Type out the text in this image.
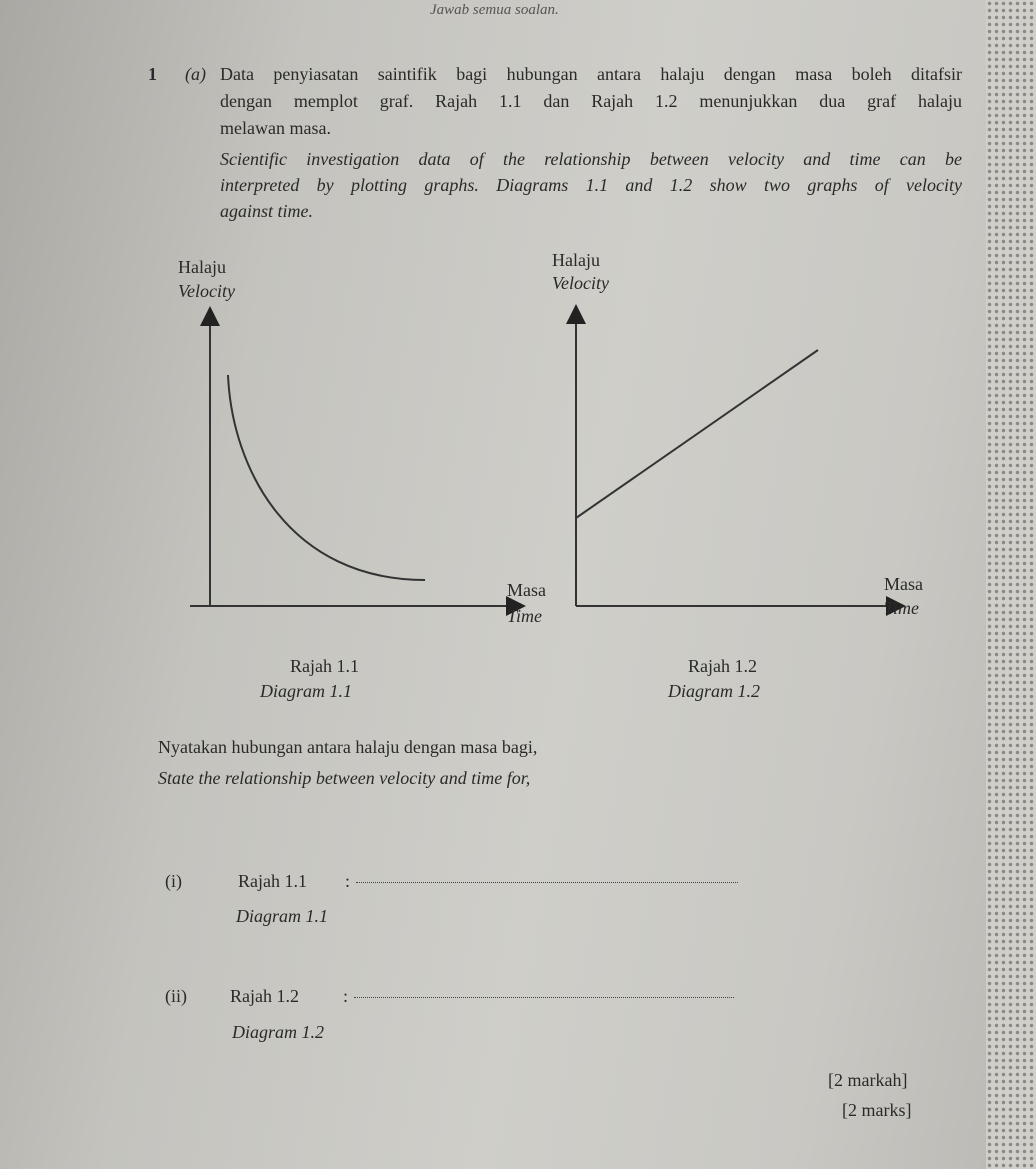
Jawab semua soalan.
1 (a) Data penyiasatan saintifik bagi hubungan antara halaju dengan masa boleh ditafsir
dengan memplot graf. Rajah 1.1 dan Rajah 1.2 menunjukkan dua graf halaju
melawan masa.
Scientific investigation data of the relationship between velocity and time can be
interpreted by plotting graphs. Diagrams 1.1 and 1.2 show two graphs of velocity
against time.
Halaju
Velocity
Masa
Time
Rajah 1.1
Diagram 1.1
Halaju
Velocity
Masa
Time
Rajah 1.2
Diagram 1.2
Nyatakan hubungan antara halaju dengan masa bagi,
State the relationship between velocity and time for,
(i)	Rajah 1.1 :
Diagram 1.1
(ii) Rajah 1.2 :
Diagram 1.2
[2 markah]
[2 marks]
